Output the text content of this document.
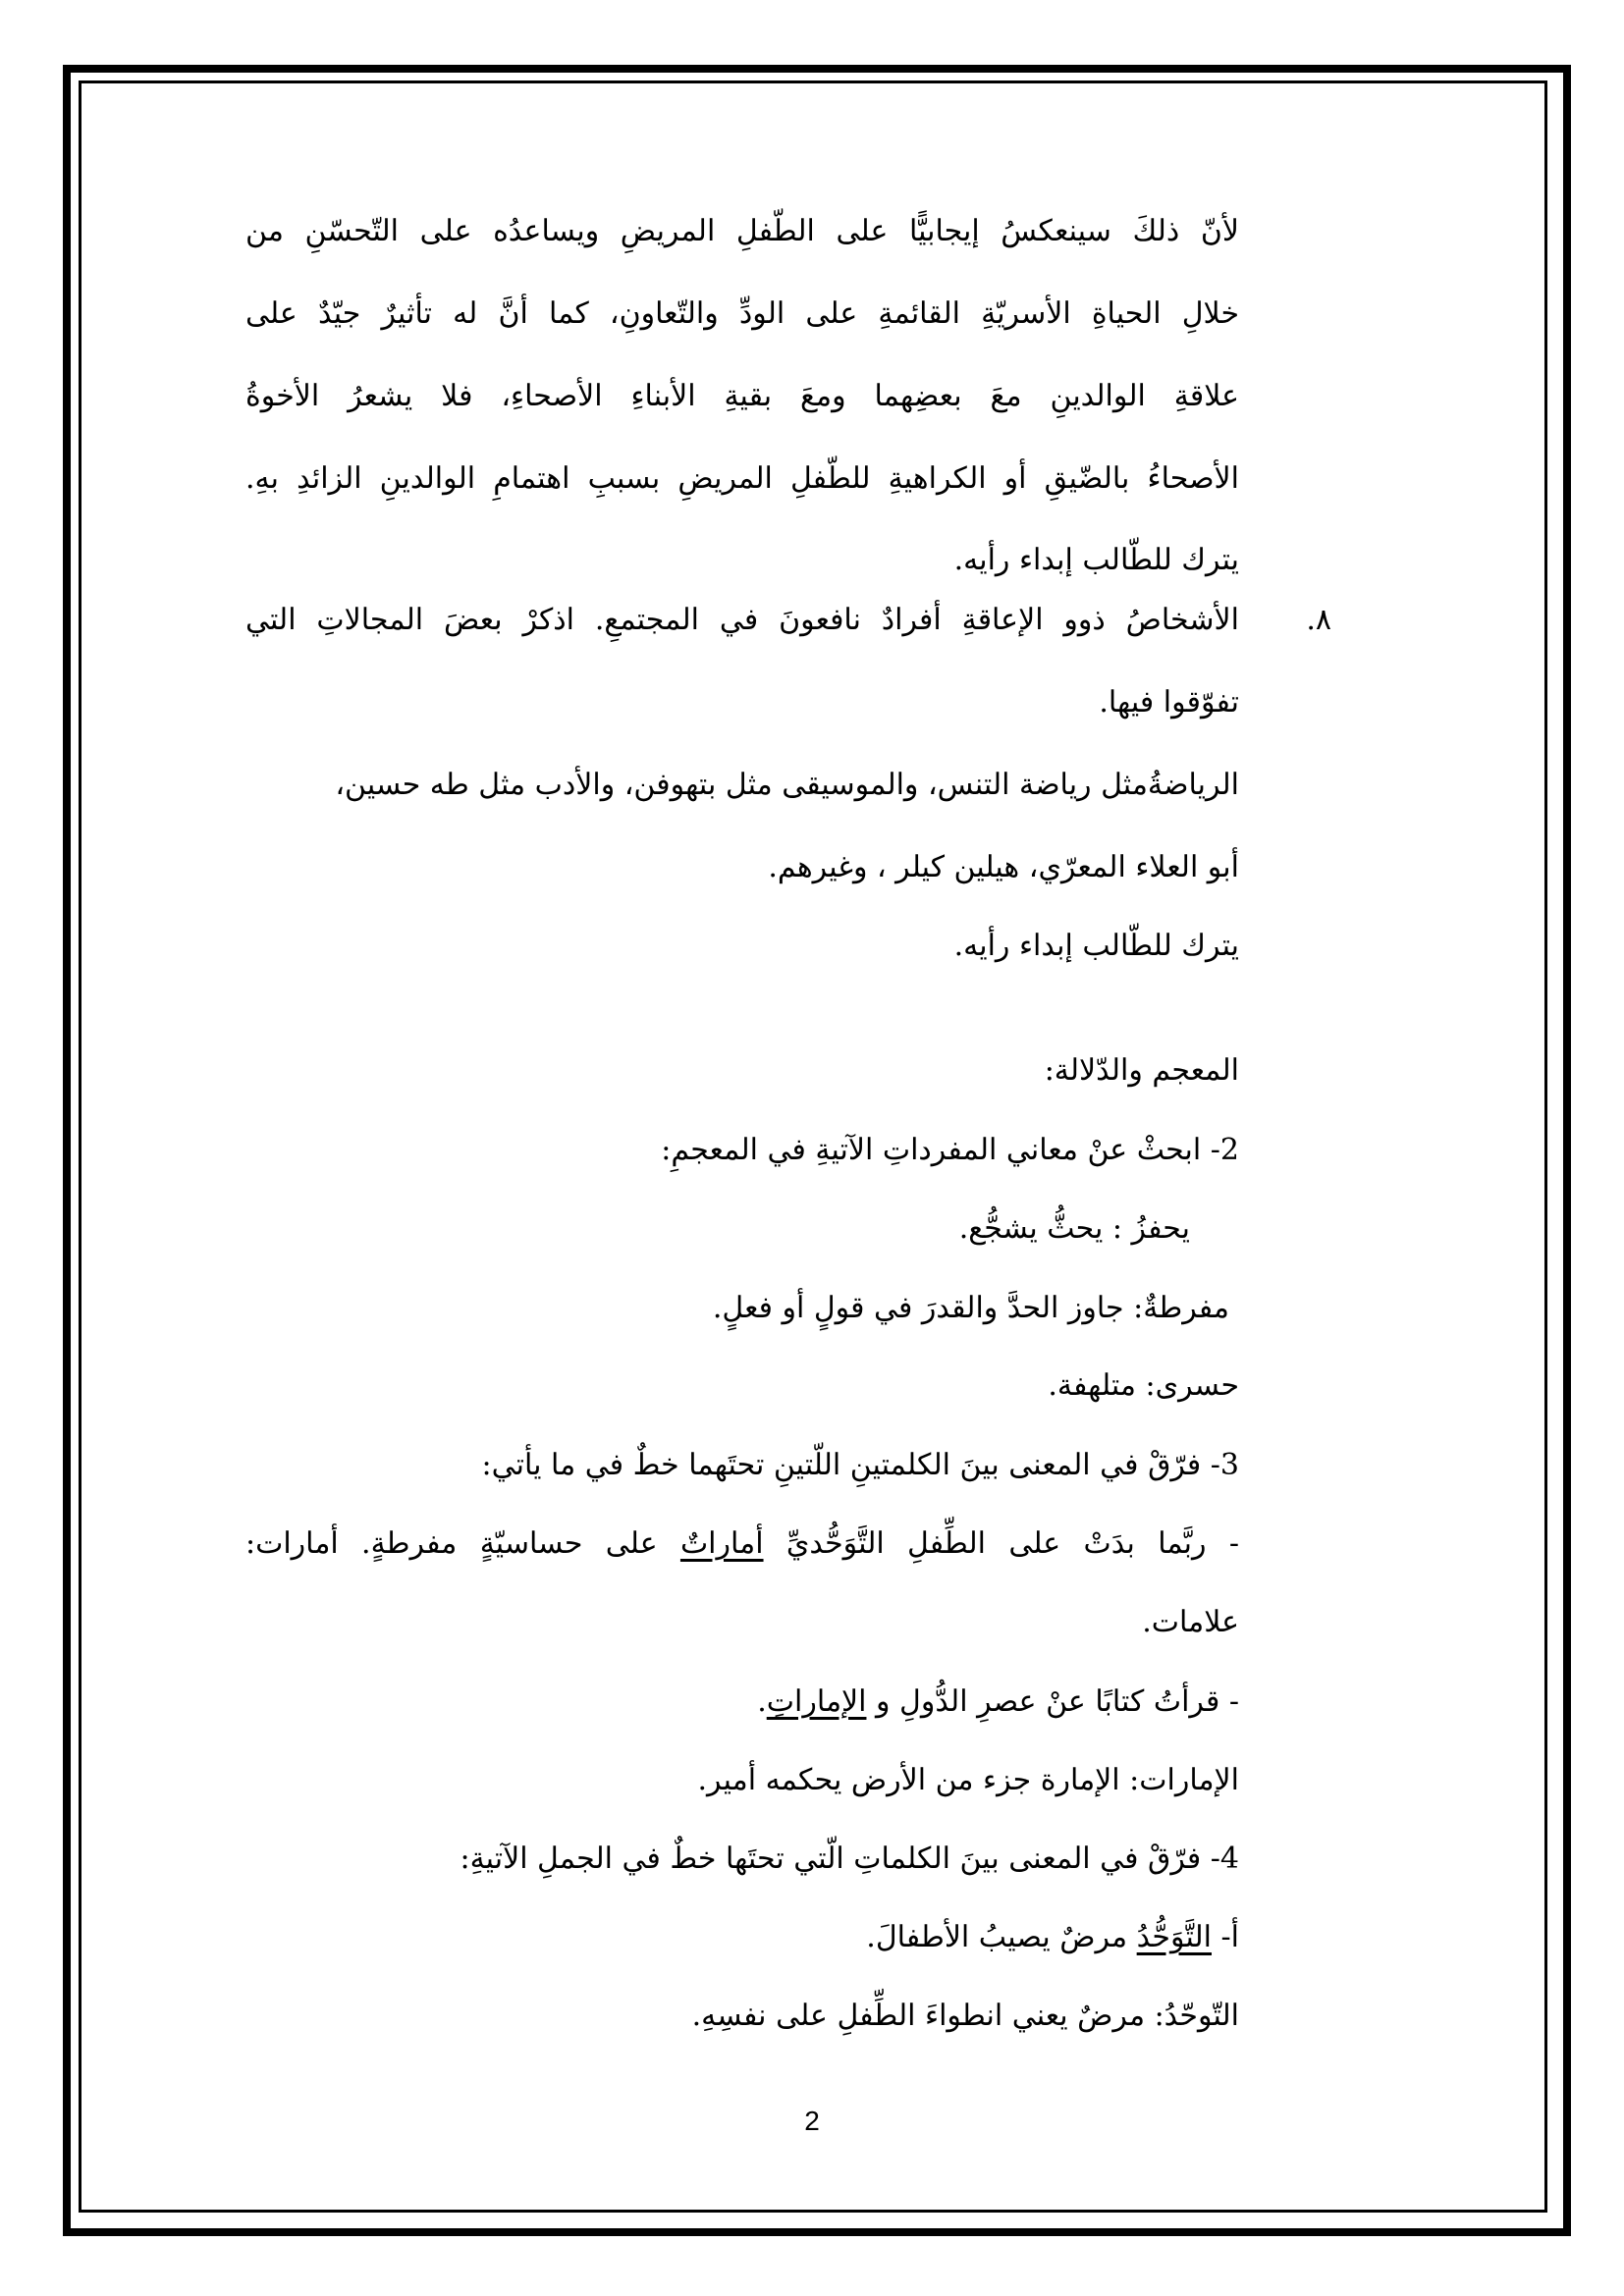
لأنّ ذلكَ سينعكسُ إيجابيًّا على الطّفلِ المريضِ ويساعدُه على التّحسّنِ من
خلالِ الحياةِ الأسريّةِ القائمةِ على الودِّ والتّعاونِ، كما أنَّ له تأثيرٌ جيّدٌ على
علاقةِ الوالدينِ معَ بعضِهما ومعَ بقيةِ الأبناءِ الأصحاءِ، فلا يشعرُ الأخوةُ
الأصحاءُ بالضّيقِ أو الكراهيةِ للطّفلِ المريضِ بسببِ اهتمامِ الوالدينِ الزائدِ بهِ.
يترك للطّالب إبداء رأيه.
الأشخاصُ ذوو الإعاقةِ أفرادٌ نافعونَ في المجتمعِ. اذكرْ بعضَ المجالاتِ التي
تفوّقوا فيها.
الرياضةُمثل رياضة التنس، والموسيقى مثل بتهوفن، والأدب مثل طه حسين،
أبو العلاء المعرّي، هيلين كيلر ، وغيرهم.
يترك للطّالب إبداء رأيه.
المعجم والدّلالة:
2- ابحثْ عنْ معاني المفرداتِ الآتيةِ في المعجمِ:
يحفزُ : يحثُّ يشجُّع.
مفرطةٌ: جاوز الحدَّ والقدرَ في قولٍ أو فعلٍ.
حسرى: متلهفة.
3- فرّقْ في المعنى بينَ الكلمتينِ اللّتينِ تحتَهما خطٌ في ما يأتي:
- ربَّما بدَتْ على الطِّفلِ التَّوَحُّديِّ أماراتٌ على حساسيّةٍ مفرطةٍ. أمارات:
علامات.
- قرأتُ كتابًا عنْ عصرِ الدُّولِ و الإماراتِ.
الإمارات: الإمارة جزء من الأرض يحكمه أمير.
4- فرّقْ في المعنى بينَ الكلماتِ الّتي تحتَها خطٌ في الجملِ الآتيةِ:
أ- التَّوَحُّدُ مرضٌ يصيبُ الأطفالَ.
التّوحّدُ: مرضٌ يعني انطواءَ الطِّفلِ على نفسِهِ.
٨.
2
